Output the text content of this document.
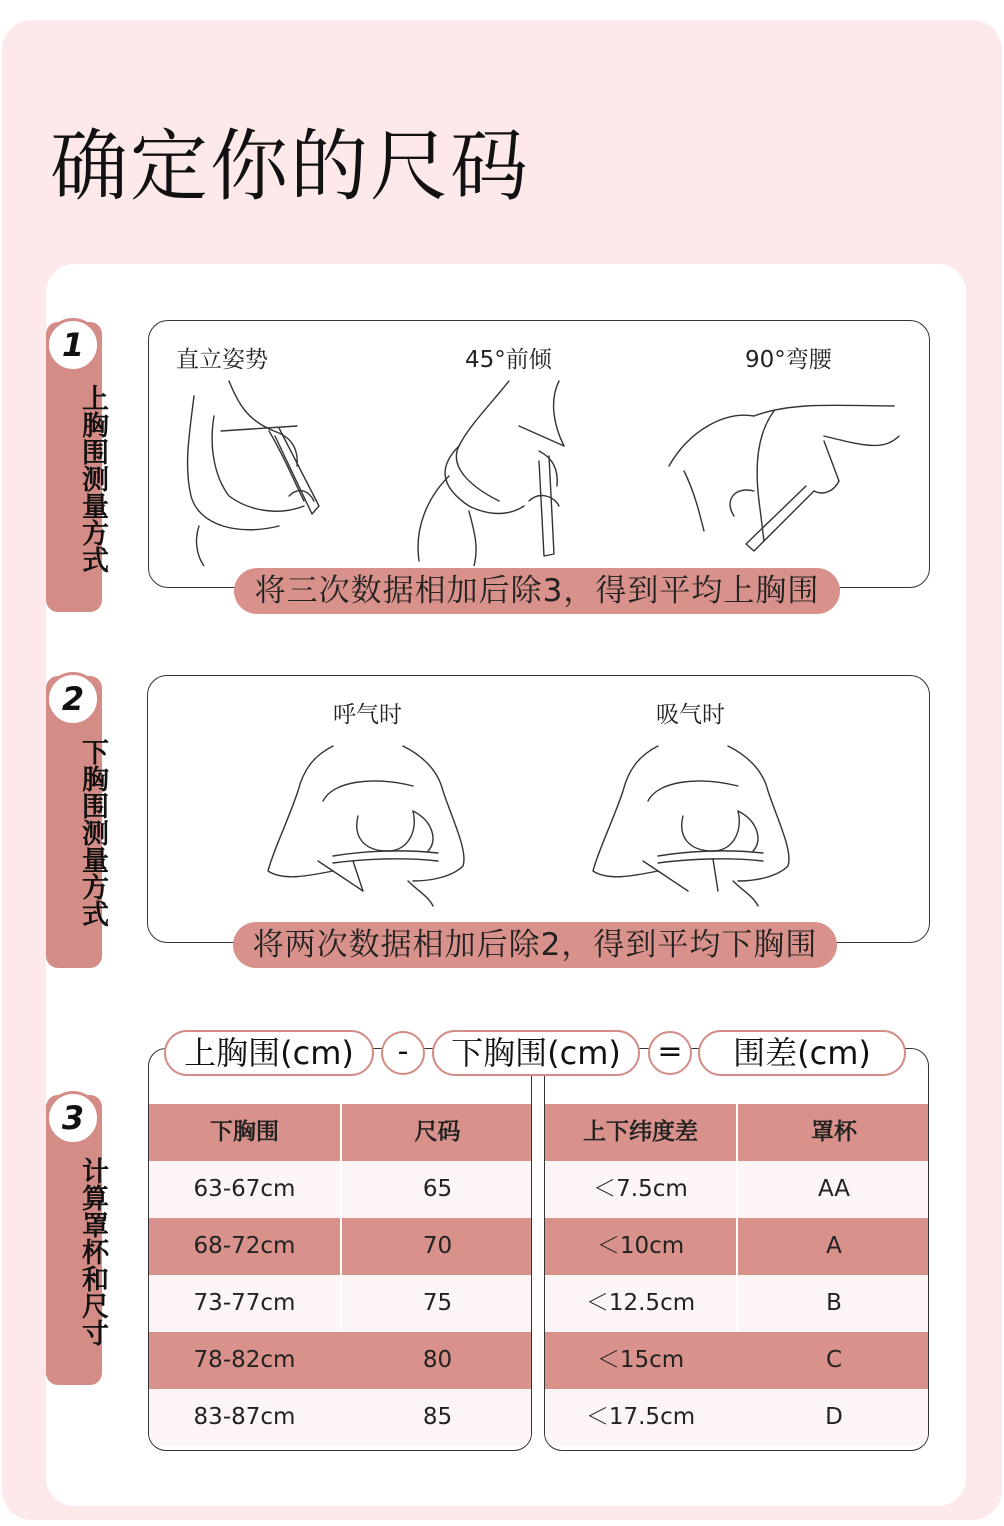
确定你的尺码
1
上胸围测量方式
直立姿势	45°前倾	90°弯腰
将三次数据相加后除3，得到平均上胸围
2
下胸围测量方式
呼气时	吸气时
将两次数据相加后除2，得到平均下胸围
3
计算罩杯和尺寸
下胸围	尺码
63-67cm	65
68-72cm	70
73-77cm	75
78-82cm	80
83-87cm	85
上下纬度差	罩杯
＜7.5cm	AA
＜10cm	A
＜12.5cm	B
＜15cm	C
＜17.5cm	D
上胸围(cm)	-	下胸围(cm)	=	围差(cm)
